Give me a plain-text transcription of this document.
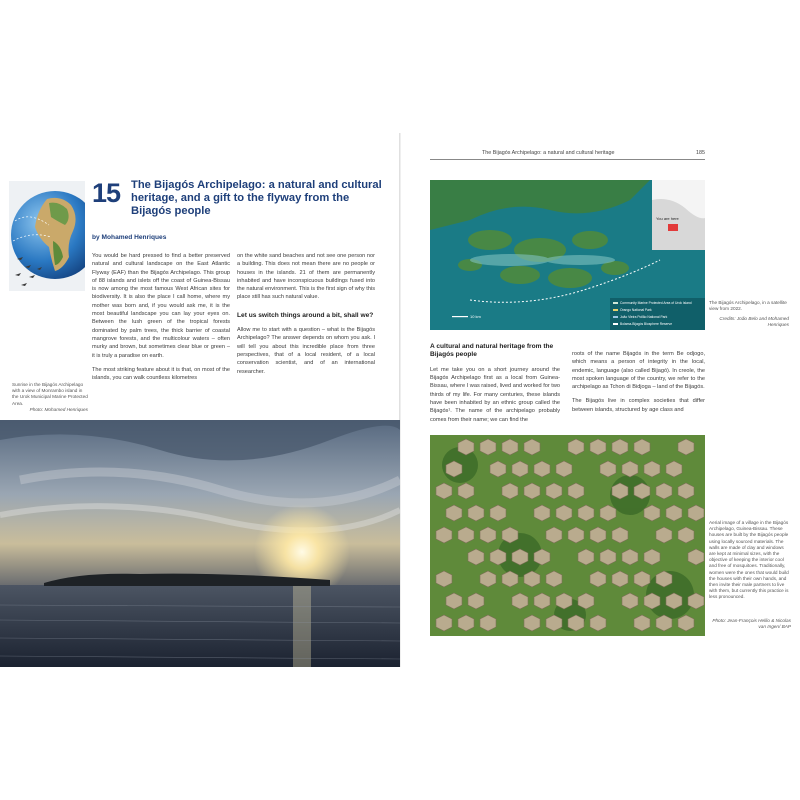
15 The Bijagós Archipelago: a natural and cultural heritage, and a gift to the flyway from the Bijagós people

by Mohamed Henriques

You would be hard pressed to find a better preserved natural and cultural landscape on the East Atlantic Flyway (EAF) than the Bijagós Archipelago. This group of 88 islands and islets off the coast of Guinea-Bissau is now among the most famous West African sites for biodiversity. It is also the place I call home, where my mother was born and, if you would ask me, it is the most beautiful landscape you can lay your eyes on. Between the lush green of the tropical forests dominated by palm trees, the thick barrier of coastal mangrove forests, and the multicolour waters – often murky and brown, but sometimes clear blue or green – it is truly a paradise on earth.

The most striking feature about it is that, on most of the islands, you can walk countless kilometres

on the white sand beaches and not see one person nor a building. This does not mean there are no people or houses in the islands. 21 of them are permanently inhabited and have inconspicuous buildings fused into the natural environment. This is the first sign of why this place still has such natural value.

Let us switch things around a bit, shall we?

Allow me to start with a question – what is the Bijagós Archipelago? The answer depends on whom you ask. I will tell you about this incredible place from three perspectives, that of a local resident, of a local conservation scientist, and of an international researcher.

Sunrise in the Bijagós Archipelago with a view of Monrambo island in the Urok Municipal Marine Protected Area.

Photo: Mohamed Henriques

The Bijagós Archipelago: a natural and cultural heritage	185
You are here
10 km
Community Marine Protected Area of Urok Island
Orango National Park
João Vieira Poilão National Park
Bolama-Bijagós Biosphere Reserve

The Bijagós Archipelago, in a satellite view from 2022.

Credits: João Belo and Mohamed Henriques

A cultural and natural heritage from the Bijagós people

Let me take you on a short journey around the Bijagós Archipelago first as a local from Guinea-Bissau, where I was raised, lived and worked for two thirds of my life. For many centuries, these islands have been inhabited by an ethnic group called the Bijagós¹. The name of the archipelago probably comes from their name; we can find the

roots of the name Bijagós in the term Be odjogo, which means a person of integrity in the local, endemic, language (also called Bijagó). In creole, the most spoken language of the country, we refer to the archipelago as Tchon di Bidjoga – land of the Bijagós.

The Bijagós live in complex societies that differ between islands, structured by age class and

Aerial image of a village in the Bijagós Archipelago, Guinea-Bissau. These houses are built by the Bijagós people using locally sourced materials. The walls are made of clay and windows are kept at minimal sizes, with the objective of keeping the interior cool and free of mosquitoes. Traditionally, women were the ones that would build the houses with their own hands, and then invite their male partners to live with them, but currently this practice is less pronounced.

Photo: Jean-François Hellio & Nicolas van Ingen/ BAP
